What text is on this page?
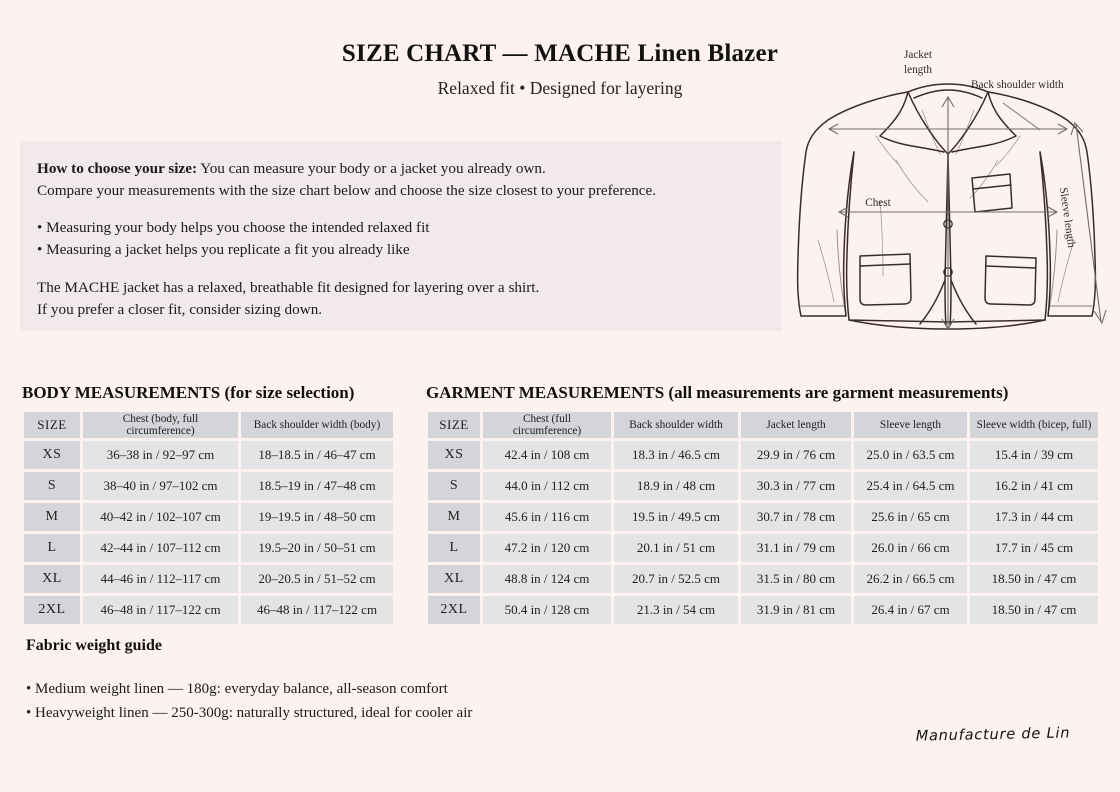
SIZE CHART — MACHE Linen Blazer
Relaxed fit • Designed for layering
How to choose your size: You can measure your body or a jacket you already own.
Compare your measurements with the size chart below and choose the size closest to your preference.
• Measuring your body helps you choose the intended relaxed fit
• Measuring a jacket helps you replicate a fit you already like
The MACHE jacket has a relaxed, breathable fit designed for layering over a shirt.
If you prefer a closer fit, consider sizing down.
Jacket
length
Back shoulder width
Chest	Sleeve length
BODY MEASUREMENTS (for size selection)
SIZE	Chest (body, full circumference)	Back shoulder width (body)
XS	36–38 in / 92–97 cm	18–18.5 in / 46–47 cm
S	38–40 in / 97–102 cm	18.5–19 in / 47–48 cm
M	40–42 in / 102–107 cm	19–19.5 in / 48–50 cm
L	42–44 in / 107–112 cm	19.5–20 in / 50–51 cm
XL	44–46 in / 112–117 cm	20–20.5 in / 51–52 cm
2XL	46–48 in / 117–122 cm	46–48 in / 117–122 cm
GARMENT MEASUREMENTS (all measurements are garment measurements)
SIZE	Chest (full circumference)	Back shoulder width	Jacket length	Sleeve length	Sleeve width (bicep, full)
XS	42.4 in / 108 cm	18.3 in / 46.5 cm	29.9 in / 76 cm	25.0 in / 63.5 cm	15.4 in / 39 cm
S	44.0 in / 112 cm	18.9 in / 48 cm	30.3 in / 77 cm	25.4 in / 64.5 cm	16.2 in / 41 cm
M	45.6 in / 116 cm	19.5 in / 49.5 cm	30.7 in / 78 cm	25.6 in / 65 cm	17.3 in / 44 cm
L	47.2 in / 120 cm	20.1 in / 51 cm	31.1 in / 79 cm	26.0 in / 66 cm	17.7 in / 45 cm
XL	48.8 in / 124 cm	20.7 in / 52.5 cm	31.5 in / 80 cm	26.2 in / 66.5 cm	18.50 in / 47 cm
2XL	50.4 in / 128 cm	21.3 in / 54 cm	31.9 in / 81 cm	26.4 in / 67 cm	18.50 in / 47 cm
Fabric weight guide
• Medium weight linen — 180g: everyday balance, all-season comfort
• Heavyweight linen — 250-300g: naturally structured, ideal for cooler air
Manufacture de Lin
